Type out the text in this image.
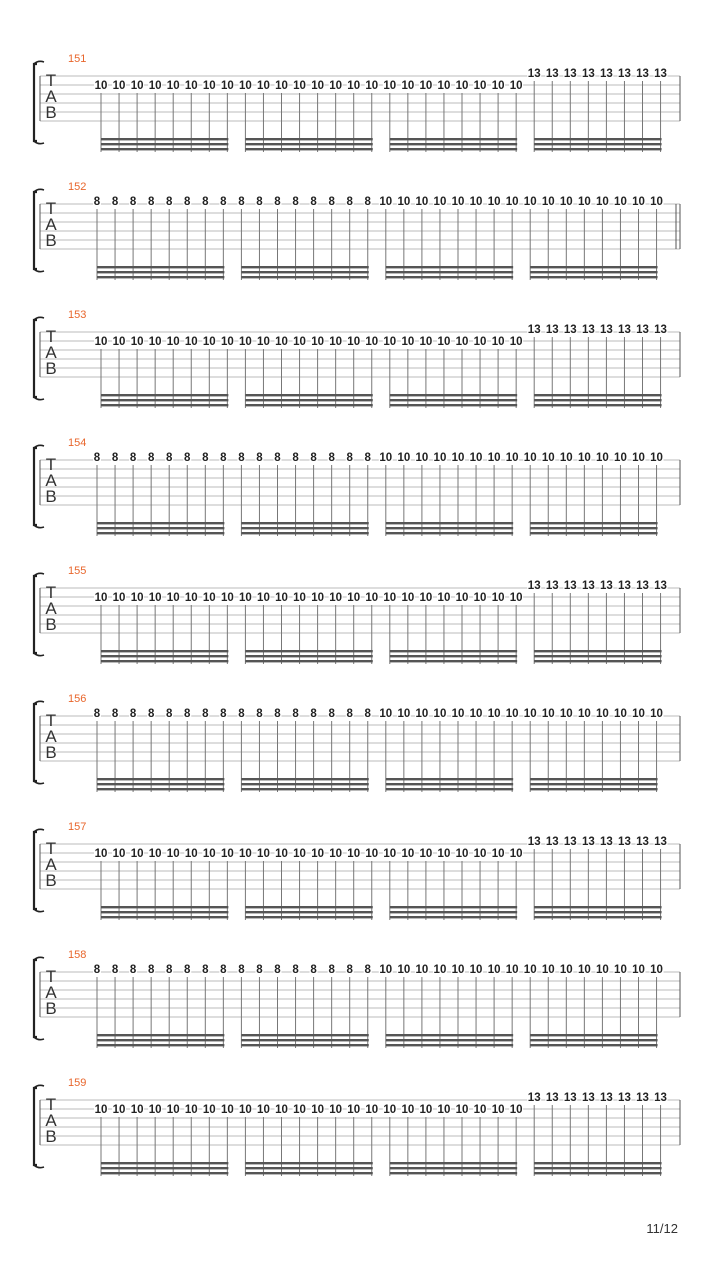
151
T
A
B
10 10 10 10 10 10 10 10 10 10 10 10 10 10 10 10 10 10 10 10 10 10 10 10
13 13 13 13 13 13 13 13
152
T
A
B
8 8 8 8 8 8 8 8 8 8 8 8 8 8 8 8 10 10 10 10 10 10 10 10 10 10 10 10 10 10 10 10
153
T
A
B
10 10 10 10 10 10 10 10 10 10 10 10 10 10 10 10 10 10 10 10 10 10 10 10
13 13 13 13 13 13 13 13
154
T
A
B
8 8 8 8 8 8 8 8 8 8 8 8 8 8 8 8 10 10 10 10 10 10 10 10 10 10 10 10 10 10 10 10
155
T
A
B
10 10 10 10 10 10 10 10 10 10 10 10 10 10 10 10 10 10 10 10 10 10 10 10
13 13 13 13 13 13 13 13
156
T
A
B
8 8 8 8 8 8 8 8 8 8 8 8 8 8 8 8 10 10 10 10 10 10 10 10 10 10 10 10 10 10 10 10
157
T
A
B
10 10 10 10 10 10 10 10 10 10 10 10 10 10 10 10 10 10 10 10 10 10 10 10
13 13 13 13 13 13 13 13
158
T
A
B
8 8 8 8 8 8 8 8 8 8 8 8 8 8 8 8 10 10 10 10 10 10 10 10 10 10 10 10 10 10 10 10
159
T
A
B
10 10 10 10 10 10 10 10 10 10 10 10 10 10 10 10 10 10 10 10 10 10 10 10
13 13 13 13 13 13 13 13
11/12
